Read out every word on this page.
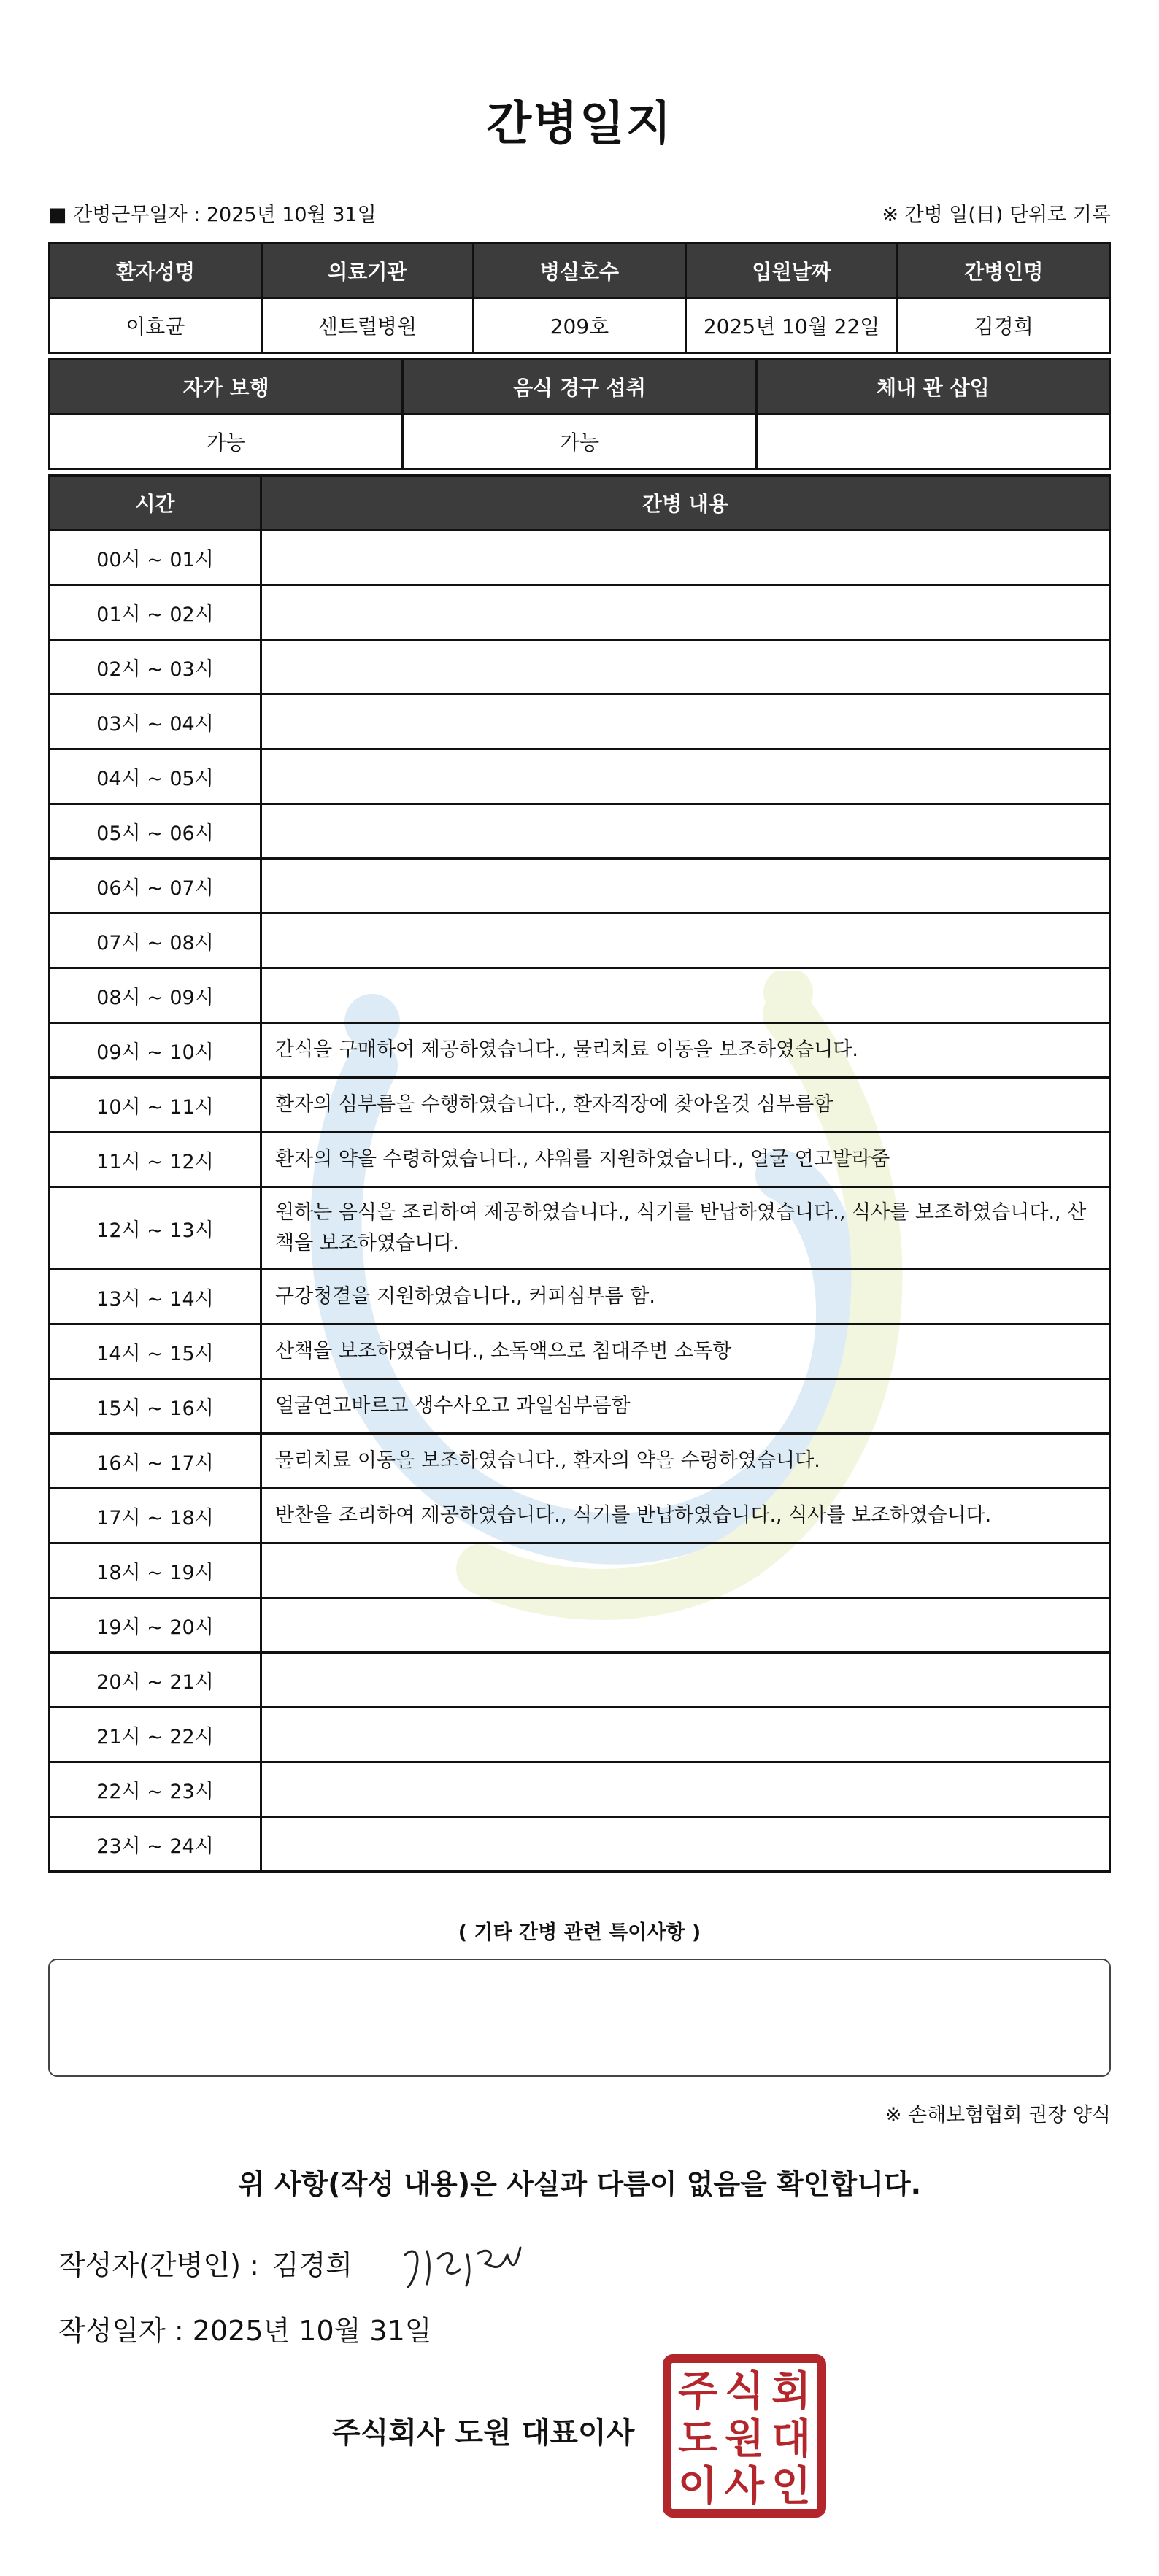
간병일지
■ 간병근무일자 : 2025년 10월 31일	※ 간병 일(日) 단위로 기록
환자성명	의료기관	병실호수	입원날짜	간병인명
이효균	센트럴병원	209호	2025년 10월 22일	김경희
자가 보행	음식 경구 섭취	체내 관 삽입
가능	가능	
시간	간병 내용
00시 ~ 01시	
01시 ~ 02시	
02시 ~ 03시	
03시 ~ 04시	
04시 ~ 05시	
05시 ~ 06시	
06시 ~ 07시	
07시 ~ 08시	
08시 ~ 09시	
09시 ~ 10시	간식을 구매하여 제공하였습니다., 물리치료 이동을 보조하였습니다.
10시 ~ 11시	환자의 심부름을 수행하였습니다., 환자직장에 찾아올것 심부름함
11시 ~ 12시	환자의 약을 수령하였습니다., 샤워를 지원하였습니다., 얼굴 연고발라줌
12시 ~ 13시	원하는 음식을 조리하여 제공하였습니다., 식기를 반납하였습니다., 식사를 보조하였습니다., 산책을 보조하였습니다.
13시 ~ 14시	구강청결을 지원하였습니다., 커피심부름 함.
14시 ~ 15시	산책을 보조하였습니다., 소독액으로 침대주변 소독항
15시 ~ 16시	얼굴연고바르고 생수사오고 과일심부름함
16시 ~ 17시	물리치료 이동을 보조하였습니다., 환자의 약을 수령하였습니다.
17시 ~ 18시	반찬을 조리하여 제공하였습니다., 식기를 반납하였습니다., 식사를 보조하였습니다.
18시 ~ 19시	
19시 ~ 20시	
20시 ~ 21시	
21시 ~ 22시	
22시 ~ 23시	
23시 ~ 24시	
( 기타 간병 관련 특이사항 )
※ 손해보험협회 권장 양식
위 사항(작성 내용)은 사실과 다름이 없음을 확인합니다.
작성자(간병인) : 김경희
작성일자 : 2025년 10월 31일
주식회사 도원 대표이사
주 식 회
도 원 대
이 사 인
